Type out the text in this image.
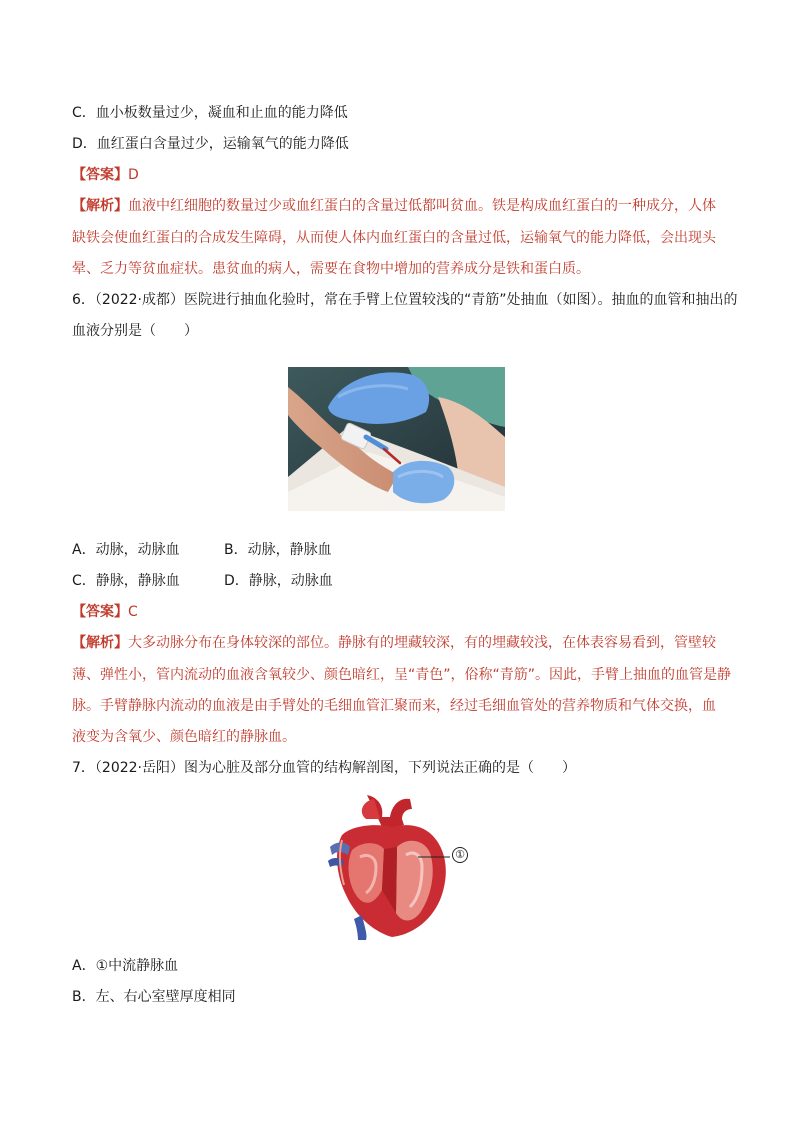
C．血小板数量过少，凝血和止血的能力降低
D．血红蛋白含量过少，运输氧气的能力降低
【答案】D
【解析】血液中红细胞的数量过少或血红蛋白的含量过低都叫贫血。铁是构成血红蛋白的一种成分，人体
缺铁会使血红蛋白的合成发生障碍，从而使人体内血红蛋白的含量过低，运输氧气的能力降低，会出现头
晕、乏力等贫血症状。患贫血的病人，需要在食物中增加的营养成分是铁和蛋白质。
6．（2022·成都）医院进行抽血化验时，常在手臂上位置较浅的“青筋”处抽血（如图）。抽血的血管和抽出的
血液分别是（　　）
A．动脉，动脉血	B．动脉，静脉血
C．静脉，静脉血	D．静脉，动脉血
【答案】C
【解析】大多动脉分布在身体较深的部位。静脉有的埋藏较深，有的埋藏较浅，在体表容易看到，管壁较
薄、弹性小，管内流动的血液含氧较少、颜色暗红，呈“青色”，俗称“青筋”。因此，手臂上抽血的血管是静
脉。手臂静脉内流动的血液是由手臂处的毛细血管汇聚而来，经过毛细血管处的营养物质和气体交换，血
液变为含氧少、颜色暗红的静脉血。
7．（2022·岳阳）图为心脏及部分血管的结构解剖图，下列说法正确的是（　　）
①
A．①中流静脉血
B．左、右心室壁厚度相同
